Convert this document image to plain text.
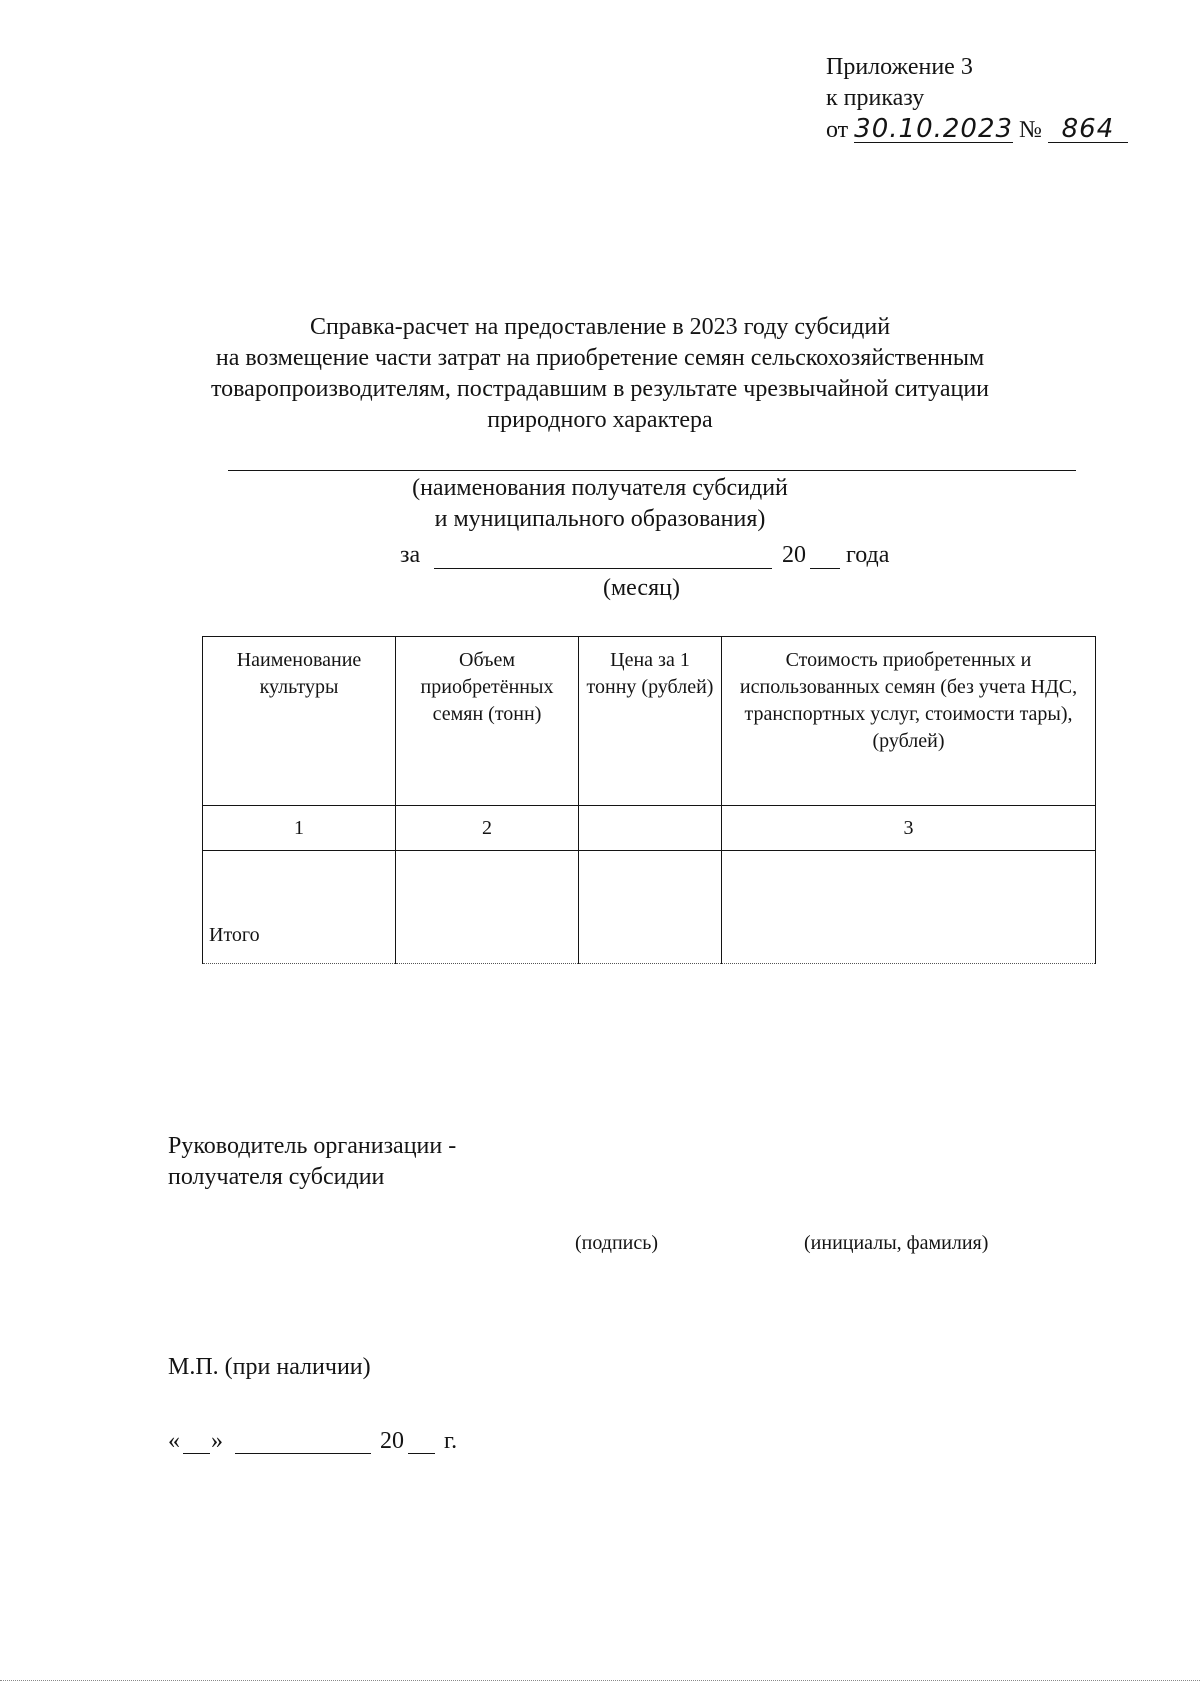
Приложение 3
к приказу
от 30.10.2023 № 864
Справка-расчет на предоставление в 2023 году субсидий
на возмещение части затрат на приобретение семян сельскохозяйственным
товаропроизводителям, пострадавшим в результате чрезвычайной ситуации
природного характера
(наименования получателя субсидий
и муниципального образования)
за	20 года
(месяц)
Наименование культуры	Объем приобретённых семян (тонн)	Цена за 1 тонну (рублей)	Стоимость приобретенных и использованных семян (без учета НДС, транспортных услуг, стоимости тары), (рублей)
1	2		3
Итого			
Руководитель организации -
получателя субсидии
(подпись)	(инициалы, фамилия)
М.П. (при наличии)
« »	20 г.
